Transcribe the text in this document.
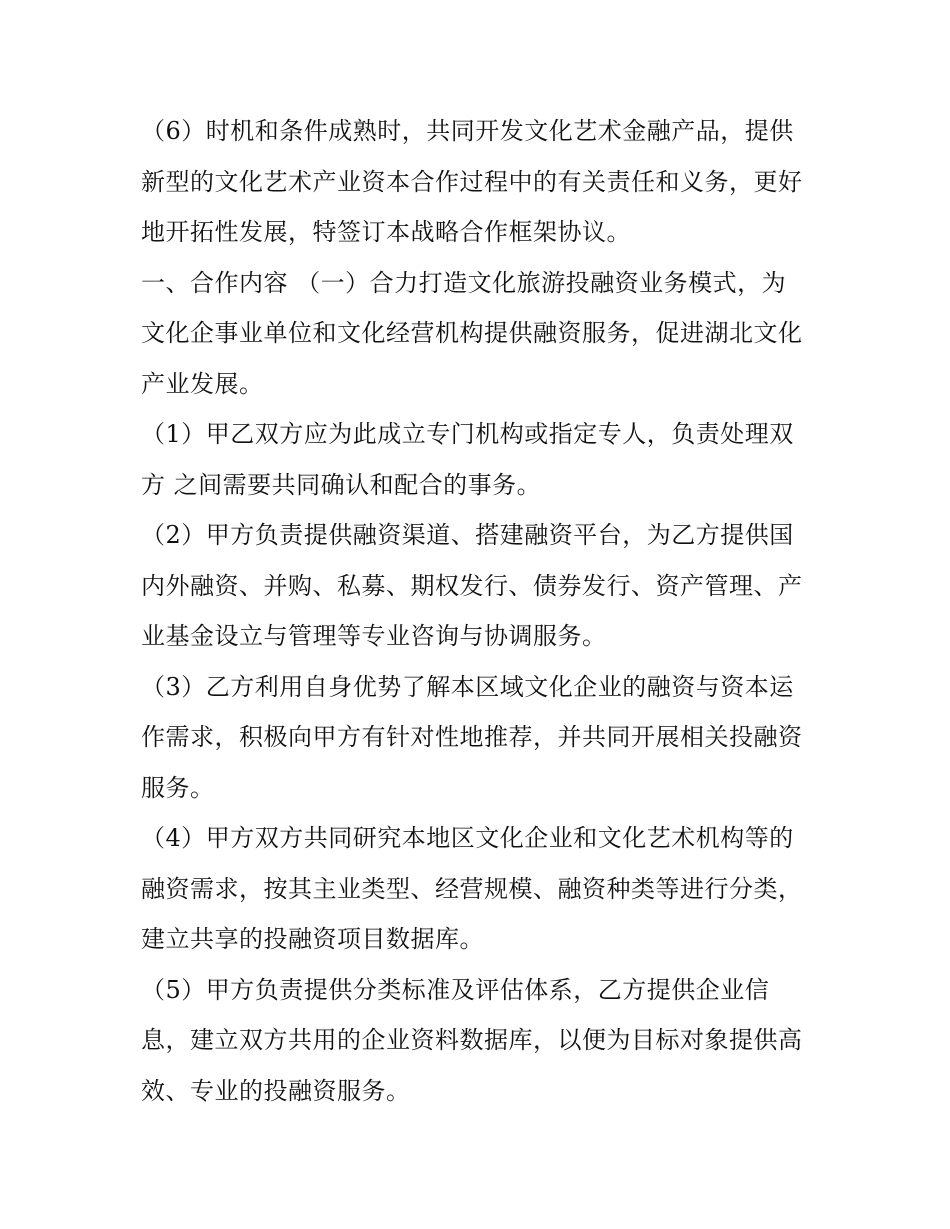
（6）时机和条件成熟时，共同开发文化艺术金融产品，提供
新型的文化艺术产业资本合作过程中的有关责任和义务，更好
地开拓性发展，特签订本战略合作框架协议。

一、合作内容 （一）合力打造文化旅游投融资业务模式，为
文化企事业单位和文化经营机构提供融资服务，促进湖北文化
产业发展。

（1）甲乙双方应为此成立专门机构或指定专人，负责处理双
方 之间需要共同确认和配合的事务。

（2）甲方负责提供融资渠道、搭建融资平台，为乙方提供国
内外融资、并购、私募、期权发行、债券发行、资产管理、产
业基金设立与管理等专业咨询与协调服务。

（3）乙方利用自身优势了解本区域文化企业的融资与资本运
作需求，积极向甲方有针对性地推荐，并共同开展相关投融资
服务。

（4）甲方双方共同研究本地区文化企业和文化艺术机构等的
融资需求，按其主业类型、经营规模、融资种类等进行分类，
建立共享的投融资项目数据库。

（5）甲方负责提供分类标准及评估体系，乙方提供企业信
息，建立双方共用的企业资料数据库，以便为目标对象提供高
效、专业的投融资服务。
